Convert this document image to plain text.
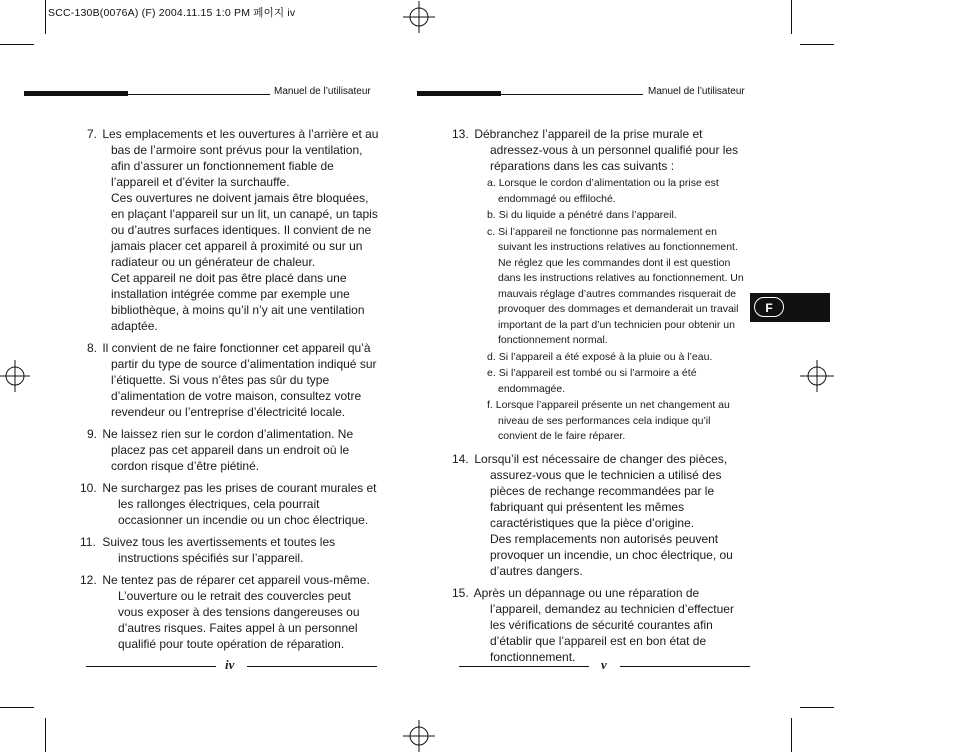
SCC-130B(0076A) (F) 2004.11.15 1:0 PM 페이지 iv
Manuel de l’utilisateur
7. Les emplacements et les ouvertures à l’arrière et au bas de l’armoire sont prévus pour la ventilation, afin d’assurer un fonctionnement fiable de l’appareil et d’éviter la surchauffe.
Ces ouvertures ne doivent jamais être bloquées, en plaçant l’appareil sur un lit, un canapé, un tapis ou d’autres surfaces identiques. Il convient de ne jamais placer cet appareil à proximité ou sur un radiateur ou un générateur de chaleur.
Cet appareil ne doit pas être placé dans une installation intégrée comme par exemple une bibliothèque, à moins qu’il n’y ait une ventilation adaptée.
8. Il convient de ne faire fonctionner cet appareil qu’à partir du type de source d’alimentation indiqué sur l’étiquette. Si vous n’êtes pas sûr du type d’alimentation de votre maison, consultez votre revendeur ou l’entreprise d’électricité locale.
9. Ne laissez rien sur le cordon d’alimentation. Ne placez pas cet appareil dans un endroit où le cordon risque d’être piétiné.
10. Ne surchargez pas les prises de courant murales et les rallonges électriques, cela pourrait occasionner un incendie ou un choc électrique.
11. Suivez tous les avertissements et toutes les instructions spécifiés sur l’appareil.
12. Ne tentez pas de réparer cet appareil vous-même. L’ouverture ou le retrait des couvercles peut vous exposer à des tensions dangereuses ou d’autres risques. Faites appel à un personnel qualifié pour toute opération de réparation.
iv
Manuel de l’utilisateur
13. Débranchez l’appareil de la prise murale et adressez-vous à un personnel qualifié pour les réparations dans les cas suivants :
a. Lorsque le cordon d’alimentation ou la prise est endommagé ou effiloché.
b. Si du liquide a pénétré dans l’appareil.
c. Si l’appareil ne fonctionne pas normalement en suivant les instructions relatives au fonctionnement. Ne réglez que les commandes dont il est question dans les instructions relatives au fonctionnement. Un mauvais réglage d’autres commandes risquerait de provoquer des dommages et demanderait un travail important de la part d’un technicien pour obtenir un fonctionnement normal.
d. Si l’appareil a été exposé à la pluie ou à l’eau.
e. Si l’appareil est tombé ou si l’armoire a été endommagée.
f. Lorsque l’appareil présente un net changement au niveau de ses performances cela indique qu’il convient de le faire réparer.
14. Lorsqu’il est nécessaire de changer des pièces, assurez-vous que le technicien a utilisé des pièces de rechange recommandées par le fabriquant qui présentent les mêmes caractéristiques que la pièce d’origine.
Des remplacements non autorisés peuvent provoquer un incendie, un choc électrique, ou d’autres dangers.
15. Après un dépannage ou une réparation de l’appareil, demandez au technicien d’effectuer les vérifications de sécurité courantes afin d’établir que l’appareil est en bon état de fonctionnement.
F
v
